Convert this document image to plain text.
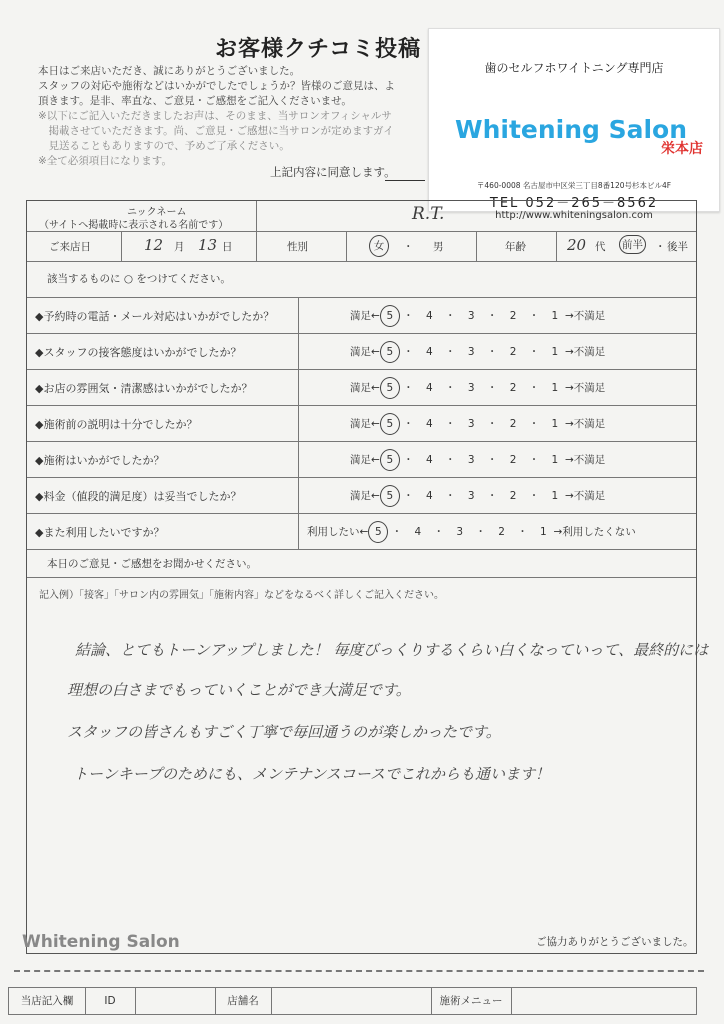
お客様クチコミ投稿
本日はご来店いただき、誠にありがとうございました。
スタッフの対応や施術などはいかがでしたでしょうか？皆様のご意見は、よ
頂きます。是非、率直な、ご意見・ご感想をご記入くださいませ。
※以下にご記入いただきましたお声は、そのまま、当サロンオフィシャルサ
　掲載させていただきます。尚、ご意見・ご感想に当サロンが定めますガイ
　見送ることもありますので、予めご了承ください。
※全て必須項目になります。
上記内容に同意します。
歯のセルフホワイトニング専門店
Whitening Salon
栄本店
〒460-0008 名古屋市中区栄三丁目8番120号杉本ビル4F
TEL 052－265－8562
http://www.whiteningsalon.com
ニックネーム
（サイトへ掲載時に表示される名前です）
R.T.
ご来店日	12 月 13 日	性別	女	・ 男	年齢	20 代 前半 ・ 後半
該当するものに ○ をつけてください。
◆予約時の電話・メール対応はいかがでしたか？	満足← 5 ・ 4 ・ 3 ・ 2 ・ 1 →不満足
◆スタッフの接客態度はいかがでしたか？	満足← 5 ・ 4 ・ 3 ・ 2 ・ 1 →不満足
◆お店の雰囲気・清潔感はいかがでしたか？	満足← 5 ・ 4 ・ 3 ・ 2 ・ 1 →不満足
◆施術前の説明は十分でしたか？	満足← 5 ・ 4 ・ 3 ・ 2 ・ 1 →不満足
◆施術はいかがでしたか？	満足← 5 ・ 4 ・ 3 ・ 2 ・ 1 →不満足
◆料金（値段的満足度）は妥当でしたか？	満足← 5 ・ 4 ・ 3 ・ 2 ・ 1 →不満足
◆また利用したいですか？	利用したい← 5 ・ 4 ・ 3 ・ 2 ・ 1 →利用したくない
本日のご意見・ご感想をお聞かせください。
記入例）「接客」「サロン内の雰囲気」「施術内容」などをなるべく詳しくご記入ください。
結論、とてもトーンアップしました！ 毎度びっくりするくらい白くなっていって、最終的には
理想の白さまでもっていくことができ大満足です。
スタッフの皆さんもすごく丁寧で毎回通うのが楽しかったです。
トーンキープのためにも、メンテナンスコースでこれからも通います！
Whitening Salon	ご協力ありがとうございました。
当店記入欄	ID	店舗名	施術メニュー
